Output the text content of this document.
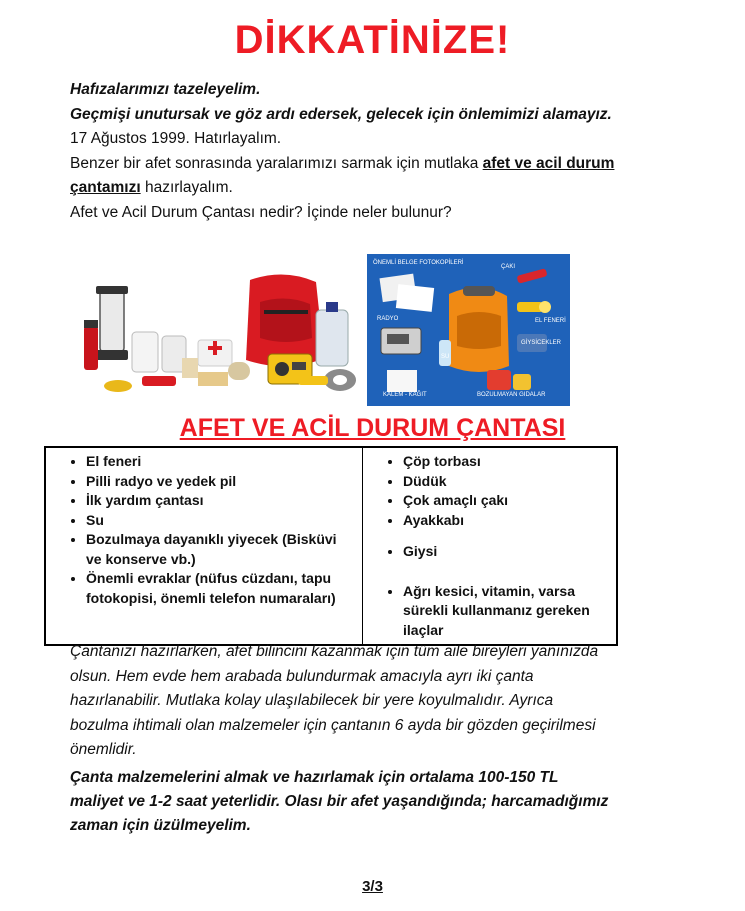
DİKKATİNİZE!

Hafızalarımızı tazeleyelim.

Geçmişi unutursak ve göz ardı edersek, gelecek için önlemimizi alamayız.

17 Ağustos 1999. Hatırlayalım.

Benzer bir afet sonrasında yaralarımızı sarmak için mutlaka afet ve acil durum çantamızı hazırlayalım.

Afet ve Acil Durum Çantası nedir? İçinde neler bulunur?

ÖNEMLİ BELGE FOTOKOPİLERİ
ÇAKI
RADYO	EL FENERİ
SU
GİYSİCEKLER
KALEM - KAĞIT	BOZULMAYAN GIDALAR
AFET VE ACİL DURUM ÇANTASI
• El feneri
• Pilli radyo ve yedek pil
• İlk yardım çantası
• Su
• Bozulmaya dayanıklı yiyecek (Bisküvi ve konserve vb.)
• Önemli evraklar (nüfus cüzdanı, tapu fotokopisi, önemli telefon numaraları)

• Çöp torbası
• Düdük
• Çok amaçlı çakı
• Ayakkabı
• Giysi
• Ağrı kesici, vitamin, varsa sürekli kullanmanız gereken ilaçlar
Çantanızı hazırlarken, afet bilincini kazanmak için tüm aile bireyleri yanınızda olsun. Hem evde hem arabada bulundurmak amacıyla ayrı iki çanta hazırlanabilir. Mutlaka kolay ulaşılabilecek bir yere koyulmalıdır. Ayrıca bozulma ihtimali olan malzemeler için çantanın 6 ayda bir gözden geçirilmesi önemlidir.
Çanta malzemelerini almak ve hazırlamak için ortalama 100-150 TL maliyet ve 1-2 saat yeterlidir. Olası bir afet yaşandığında; harcamadığımız zaman için üzülmeyelim.
3/3
